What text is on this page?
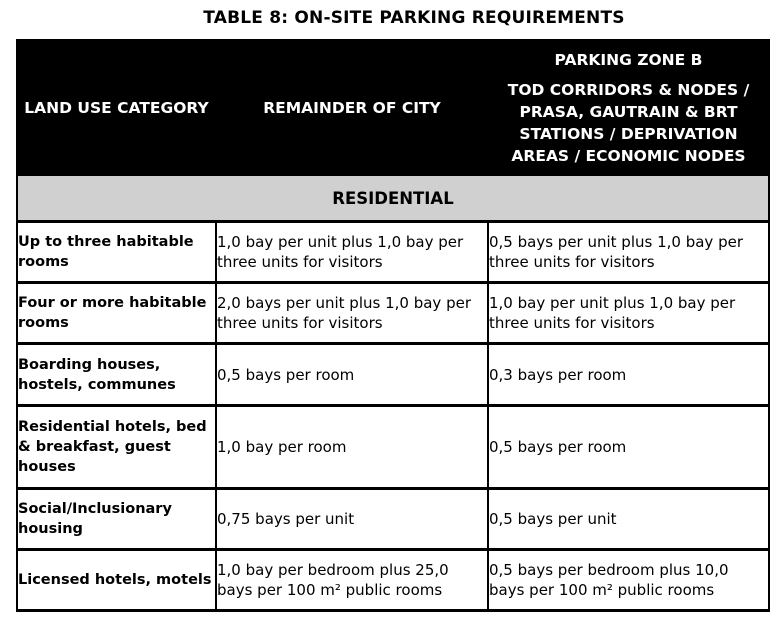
TABLE 8: ON-SITE PARKING REQUIREMENTS
LAND USE CATEGORY	REMAINDER OF CITY	PARKING ZONE B
TOD CORRIDORS & NODES / PRASA, GAUTRAIN & BRT STATIONS / DEPRIVATION AREAS / ECONOMIC NODES
RESIDENTIAL		
Up to three habitable rooms	1,0 bay per unit plus 1,0 bay per three units for visitors	0,5 bays per unit plus 1,0 bay per three units for visitors
Four or more habitable rooms	2,0 bays per unit plus 1,0 bay per three units for visitors	1,0 bay per unit plus 1,0 bay per three units for visitors
Boarding houses, hostels, communes	0,5 bays per room	0,3 bays per room
Residential hotels, bed & breakfast, guest houses	1,0 bay per room	0,5 bays per room
Social/Inclusionary housing	0,75 bays per unit	0,5 bays per unit
Licensed hotels, motels	1,0 bay per bedroom plus 25,0 bays per 100 m² public rooms	0,5 bays per bedroom plus 10,0 bays per 100 m² public rooms
